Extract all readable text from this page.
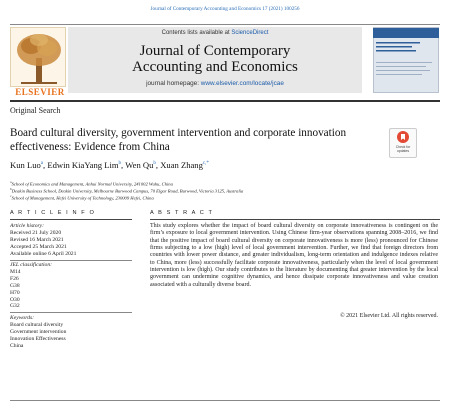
Journal of Contemporary Accounting and Economics 17 (2021) 100256
ELSEVIER
Contents lists available at ScienceDirect
Journal of Contemporary
Accounting and Economics
journal homepage: www.elsevier.com/locate/jcae
Original Search
Board cultural diversity, government intervention and corporate innovation effectiveness: Evidence from China	Check for
updates
Kun Luo$^a$, Edwin KiaYang Lim$^b$, Wen Qu$^b$, Xuan Zhang$^{c,*}$
$^a$School of Economics and Management, Anhui Normal University, 241002 Wuhu, China
$^b$Deakin Business School, Deakin University, Melbourne Burwood Campus, 70 Elgar Road, Burwood, Victoria 3125, Australia
$^c$School of Management, Hefei University of Technology, 230009 Hefei, China
A R T I C L E I N F O	A B S T R A C T
Article history:
Received 21 July 2020
Revised 16 March 2021
Accepted 25 March 2021
Available online 6 April 2021
JEL classification:
M14
F26
G38
H70
O30
G32
Keywords:
Board cultural diversity
Government intervention
Innovation Effectiveness
China
This study explores whether the impact of board cultural diversity on corporate innovativeness is contingent on the firm’s exposure to local government intervention. Using Chinese firm-year observations spanning 2008–2016, we find that the positive impact of board cultural diversity on corporate innovativeness is more (less) pronounced for Chinese firms subjecting to a low (high) level of local government intervention. Further, we find that foreign directors from countries with lower power distance, and greater individualism, long-term orientation and indulgence indexes relative to China, more (less) successfully facilitate corporate innovativeness, particularly when the level of local government intervention is low (high). Our study contributes to the literature by documenting that greater intervention by the local government can undermine cognitive dynamics, and hence dissipate corporate innovativeness and value creation associated with a culturally diverse board.
© 2021 Elsevier Ltd. All rights reserved.
